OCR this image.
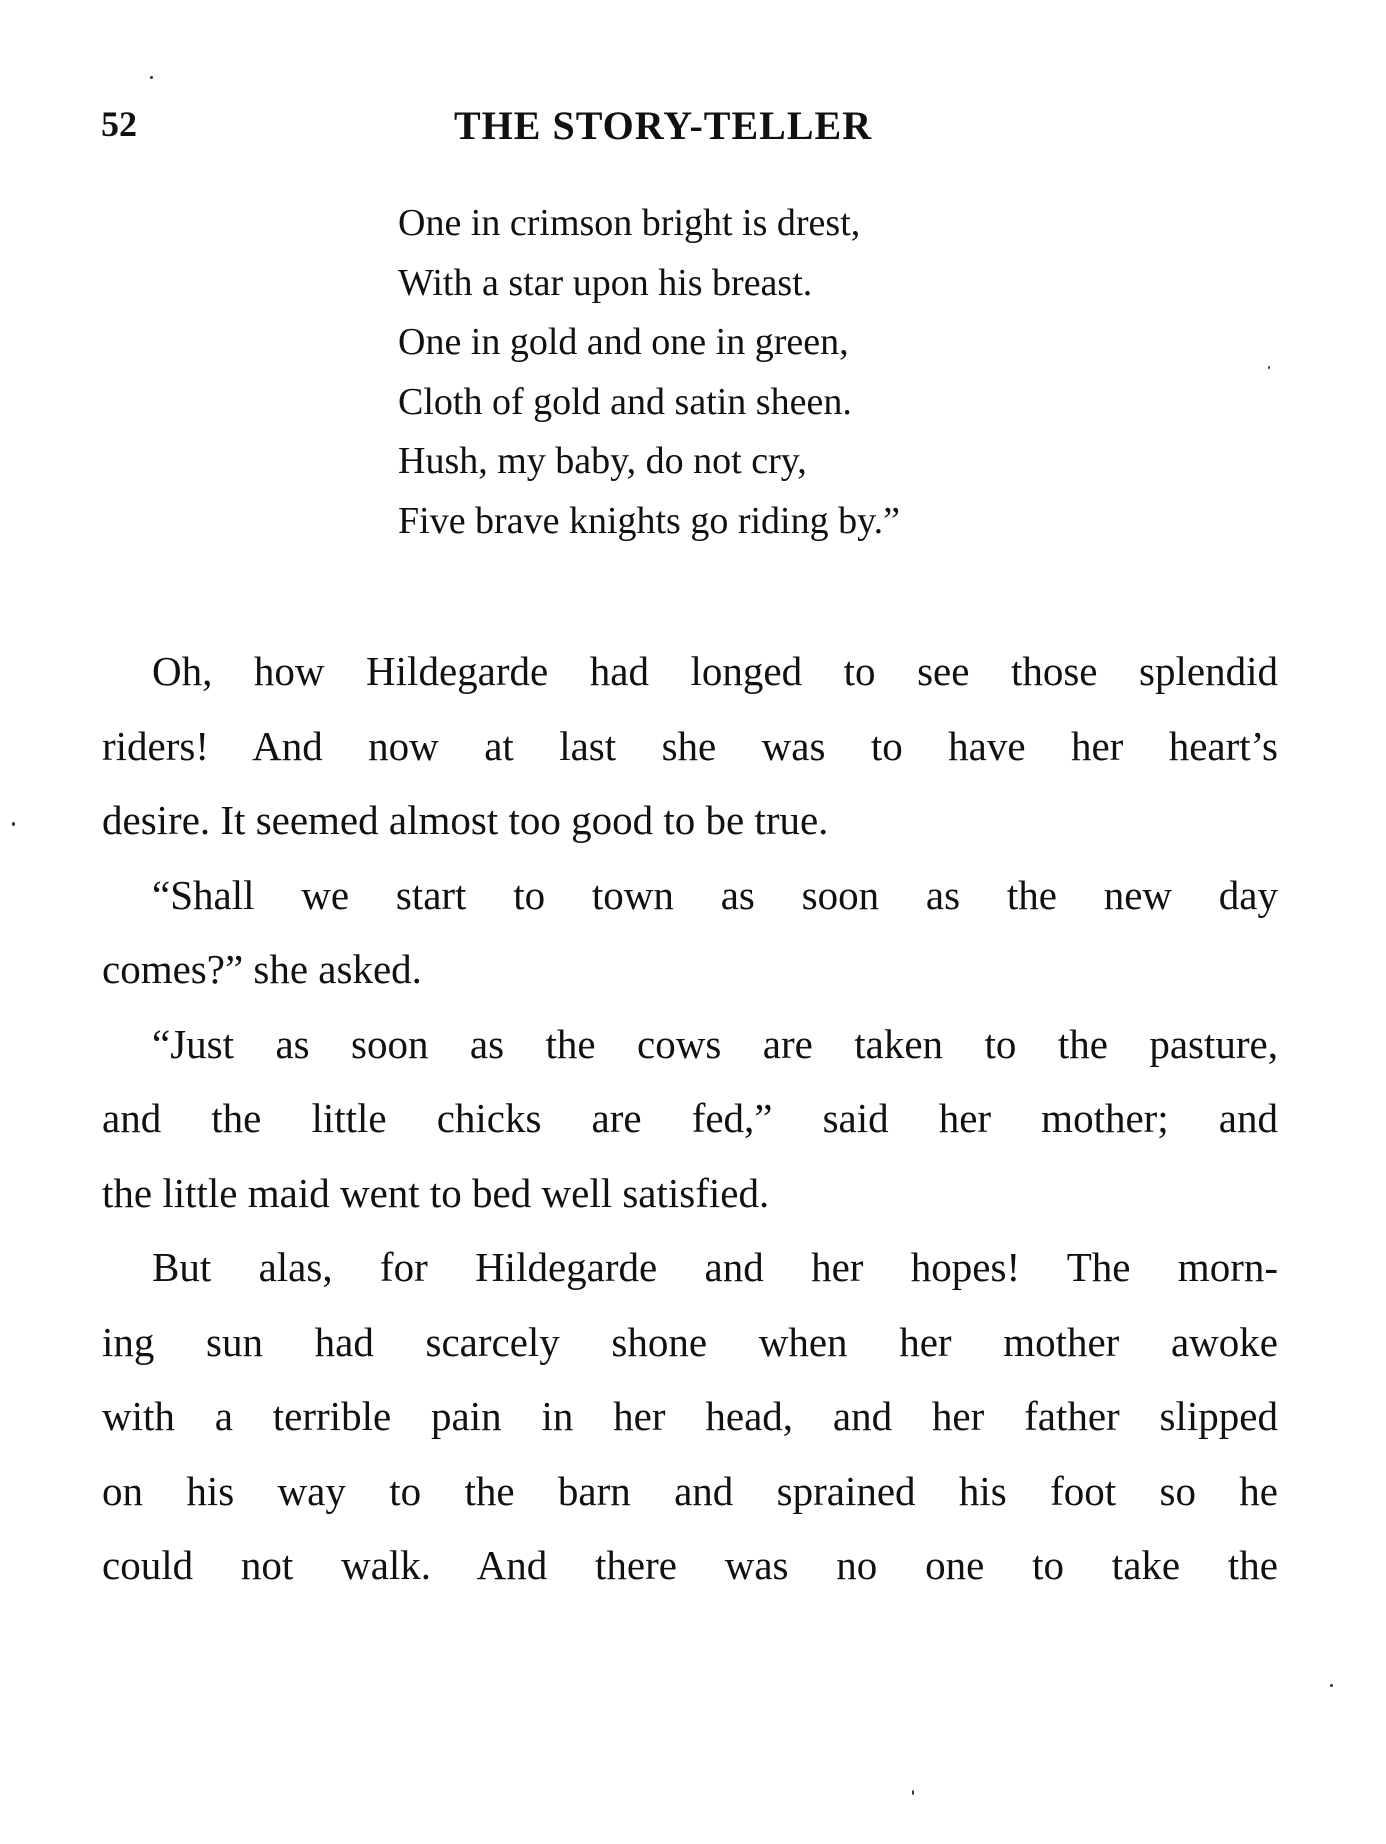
52	THE STORY-TELLER
One in crimson bright is drest,
With a star upon his breast.
One in gold and one in green,
Cloth of gold and satin sheen.
Hush, my baby, do not cry,
Five brave knights go riding by.”
Oh, how Hildegarde had longed to see those splendid
riders! And now at last she was to have her heart’s
desire. It seemed almost too good to be true.
“Shall we start to town as soon as the new day
comes?” she asked.
“Just as soon as the cows are taken to the pasture,
and the little chicks are fed,” said her mother; and
the little maid went to bed well satisfied.
But alas, for Hildegarde and her hopes! The morn-
ing sun had scarcely shone when her mother awoke
with a terrible pain in her head, and her father slipped
on his way to the barn and sprained his foot so he
could not walk. And there was no one to take the
